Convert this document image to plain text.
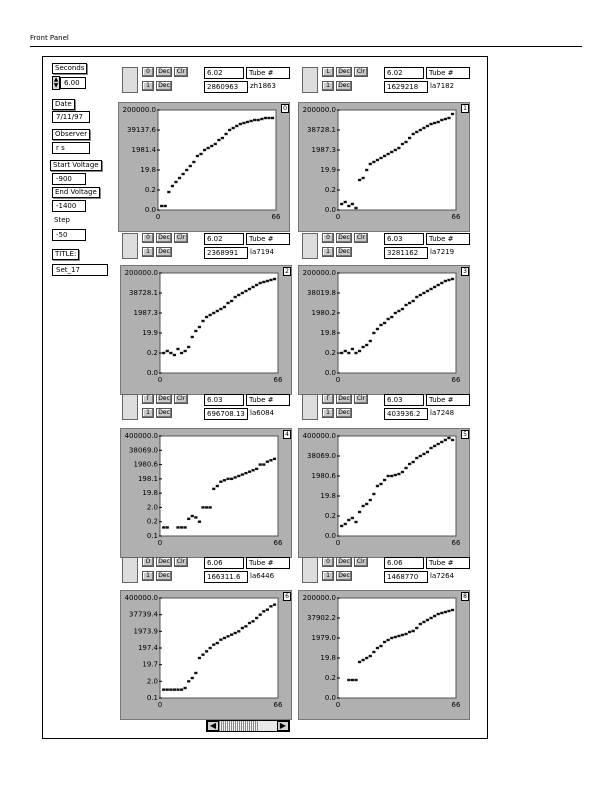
Front Panel
Seconds
▲
▼ 6.00
Date
7/11/97
Observer
r s
Start Voltage
-900
End Voltage
-1400
Step
-50
TITLE:
Set_17
0	Dec	Clr
1	Dec
6.02	Tube #
2860963	zh1863
0
200000.0
39137.6
1981.4
19.8
0.2
0.0
0	66
L	Dec	Clr
1	Dec
6.02	Tube #
1629218	la7182
1
200000.0
38728.1
1987.3
19.9
0.2
0.0
0	66
0	Dec	Clr
1	Dec
6.02	Tube #
2368991	la7194
2
200000.0
38728.1
1987.3
19.9
0.2
0.0
0	66
0	Dec	Clr
1	Dec
6.03	Tube #
3281162	la7219
3
200000.0
38019.8
1980.2
19.8
0.2
0.0
0	66
Γ	Dec	Clr
1	Dec
6.03	Tube #
696708.13 la6084
4
400000.0
38069.0
1980.6
198.1
19.8
2.0
0.2
0.1
0	66
Γ	Dec	Clr
1	Dec
6.03	Tube #
403936.2	la7248
5
400000.0
38069.0
1980.6
19.8
0.2
0.0
0	66
D	Dec	Clr
1	Dec
6.06	Tube #
166311.6	la6446
6
400000.0
37739.4
1973.9
197.4
19.7
2.0
0.1
0	66
0	Dec	Clr
1	Dec
6.06	Tube #
1468770	la7264
8
200000.0
37902.2
1979.0
19.8
0.2
0.0
0	66
◀	▶
